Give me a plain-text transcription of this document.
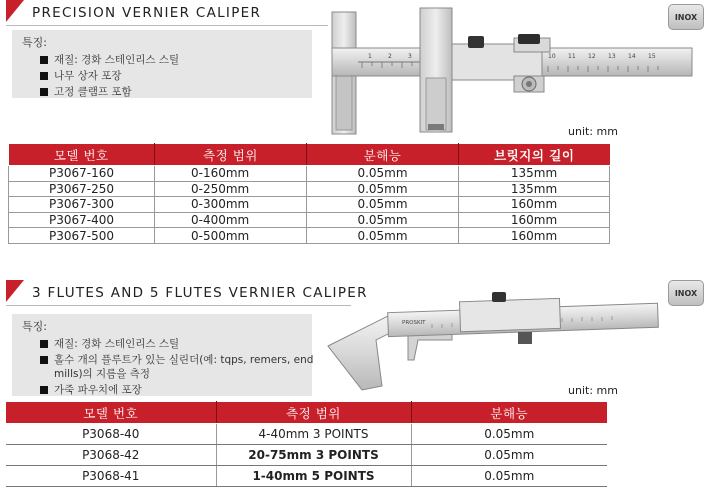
PRECISION VERNIER CALIPER
특징:
재질: 경화 스테인리스 스틸
나무 상자 포장
고정 클램프 포함
1	2	3	10 11 12 13 14 15
INOX
unit: mm
모델 번호	측정 범위	분해능	브릿지의 길이
P3067-160	0-160mm	0.05mm	135mm
P3067-250	0-250mm	0.05mm	135mm
P3067-300	0-300mm	0.05mm	160mm
P3067-400	0-400mm	0.05mm	160mm
P3067-500	0-500mm	0.05mm	160mm
3 FLUTES AND 5 FLUTES VERNIER CALIPER
특징:
재질: 경화 스테인리스 스틸
홀수 개의 플루트가 있는 실린더(예: tqps, remers, end mills)의 지름을 측정
가죽 파우치에 포장
PROSKIT
INOX
unit: mm
모델 번호	측정 범위	분해능
P3068-40	4-40mm 3 POINTS	0.05mm
P3068-42	20-75mm 3 POINTS	0.05mm
P3068-41	1-40mm 5 POINTS	0.05mm
